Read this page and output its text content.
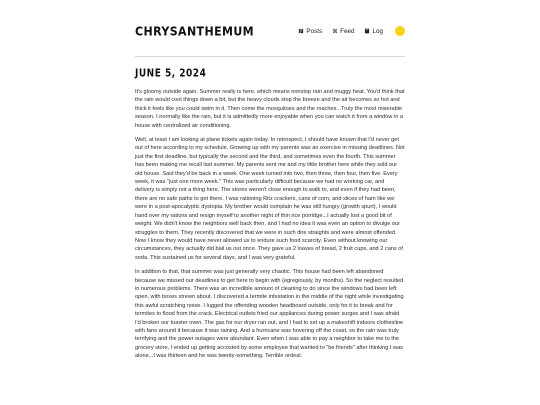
CHRYSANTHEMUM	Posts	Feed	Log
JUNE 5, 2024

It's gloomy outside again. Summer really is here, which means nonstop rain and muggy heat. You'd think that the rain would cool things down a bit, but the heavy clouds stop the breeze and the air becomes so hot and thick it feels like you could swim in it. Then come the mosquitoes and the roaches...Truly the most miserable season. I normally like the rain, but it is admittedly more enjoyable when you can watch it from a window in a house with centralized air conditioning.

Well, at least I am looking at plane tickets again today. In retrospect, I should have known that I'd never get out of here according to my schedule. Growing up with my parents was an exercise in missing deadlines. Not just the first deadline, but typically the second and the third, and sometimes even the fourth. This summer has been making me recall last summer. My parents sent me and my little brother here while they sold our old house. Said they'd be back in a week. One week turned into two, then three, then four, then five. Every week, it was "just one more week." This was particularly difficult because we had no working car, and delivery is simply not a thing here. The stores weren't close enough to walk to, and even if they had been, there are no safe paths to get there. I was rationing Ritz crackers, cans of corn, and slices of ham like we were in a post-apocalyptic dystopia. My brother would complain he was still hungry (growth spurt), I would hand over my rations and resign myself to another night of thin rice porridge...I actually lost a good bit of weight. We didn't know the neighbors well back then, and I had no idea it was even an option to divulge our struggles to them. They recently discovered that we were in such dire straights and were almost offended. Now I know they would have never allowed us to endure such food scarcity. Even without knowing our circumstances, they actually did bail us out once. They gave us 2 loaves of bread, 2 fruit cups, and 2 cans of soda. This sustained us for several days, and I was very grateful.

In addition to that, that summer was just generally very chaotic. This house had been left abandoned because we missed our deadlines to get here to begin with (egregiously, by months). So the neglect resulted in numerous problems. There was an incredible amount of cleaning to do since the windows had been left open, with boxes strewn about. I discovered a termite infestation in the middle of the night while investigating this awful scratching noise. I lugged the offending wooden headboard outside, only for it to break and for termites to flood from the crack. Electrical outlets fried our appliances during power surges and I was afraid I'd broken our toaster oven. The gas for our dryer ran out, and I had to set up a makeshift indoors clothesline with fans around it because it was raining. And a hurricane was hovering off the coast, so the rain was truly terrifying and the power outages were abundant. Even when I was able to pay a neighbor to take me to the grocery store, I ended up getting accosted by some employee that wanted to "be friends" after thinking I was alone...I was thirteen and he was twenty-something. Terrible ordeal.
